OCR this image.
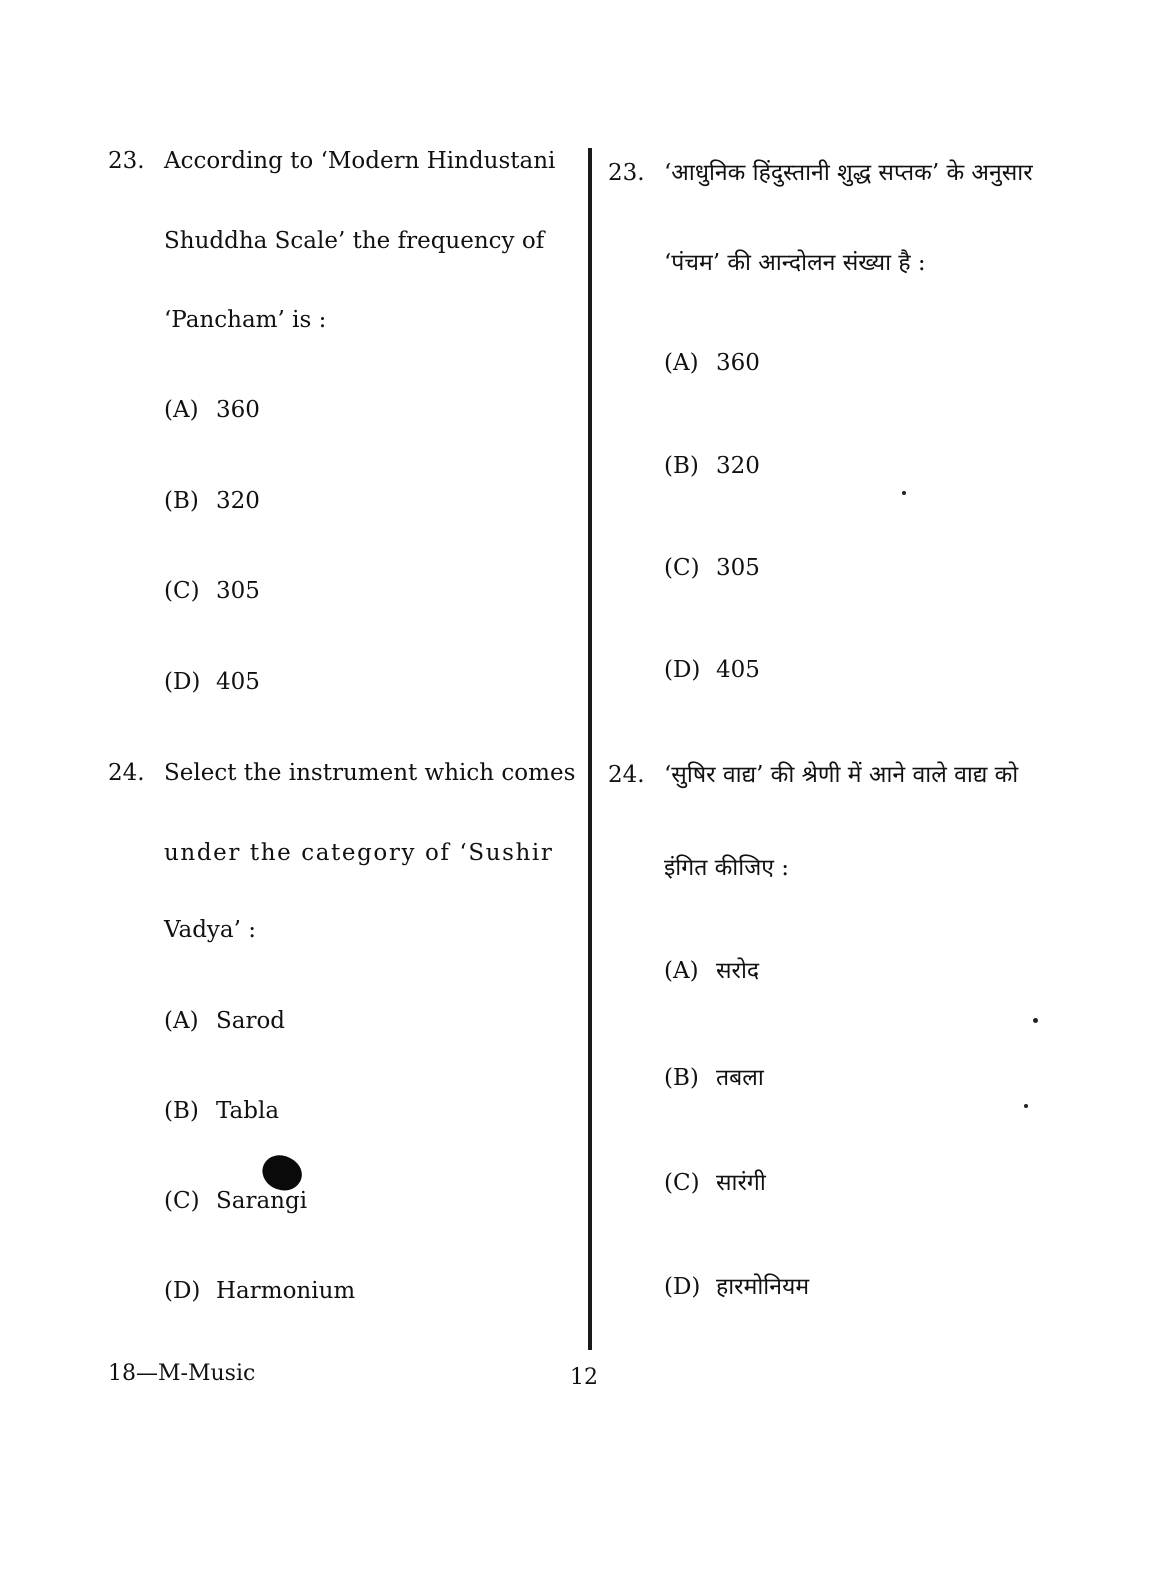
23. According to ‘Modern Hindustani
Shuddha Scale’ the frequency of
‘Pancham’ is :
(A) 360
(B) 320
(C) 305
(D) 405
24. Select the instrument which comes
under the category of ‘Sushir
Vadya’ :
(A) Sarod
(B) Tabla
(C) Sarangi
(D) Harmonium
23. ‘आधुनिक हिंदुस्तानी शुद्ध सप्तक’ के अनुसार
‘पंचम’ की आन्दोलन संख्या है :
(A) 360
(B) 320
(C) 305
(D) 405
24. ‘सुषिर वाद्य’ की श्रेणी में आने वाले वाद्य को
इंगित कीजिए :
(A) सरोद
(B) तबला
(C) सारंगी
(D) हारमोनियम
18—M-Music	12
